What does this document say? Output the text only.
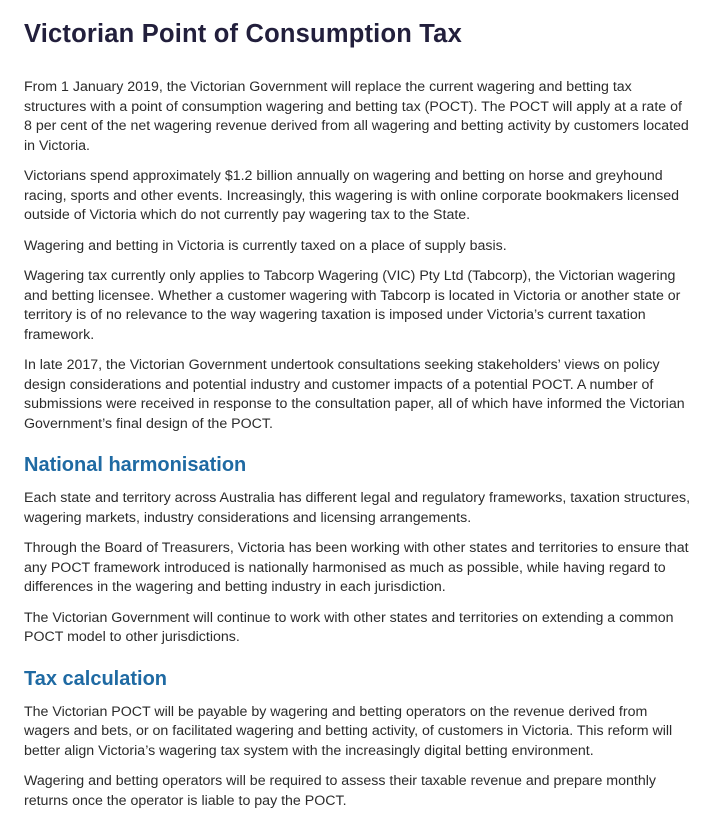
Victorian Point of Consumption Tax

From 1 January 2019, the Victorian Government will replace the current wagering and betting tax structures with a point of consumption wagering and betting tax (POCT). The POCT will apply at a rate of 8 per cent of the net wagering revenue derived from all wagering and betting activity by customers located in Victoria.

Victorians spend approximately $1.2 billion annually on wagering and betting on horse and greyhound racing, sports and other events. Increasingly, this wagering is with online corporate bookmakers licensed outside of Victoria which do not currently pay wagering tax to the State.

Wagering and betting in Victoria is currently taxed on a place of supply basis.

Wagering tax currently only applies to Tabcorp Wagering (VIC) Pty Ltd (Tabcorp), the Victorian wagering and betting licensee. Whether a customer wagering with Tabcorp is located in Victoria or another state or territory is of no relevance to the way wagering taxation is imposed under Victoria’s current taxation framework.

In late 2017, the Victorian Government undertook consultations seeking stakeholders’ views on policy design considerations and potential industry and customer impacts of a potential POCT. A number of submissions were received in response to the consultation paper, all of which have informed the Victorian Government’s final design of the POCT.

National harmonisation

Each state and territory across Australia has different legal and regulatory frameworks, taxation structures, wagering markets, industry considerations and licensing arrangements.

Through the Board of Treasurers, Victoria has been working with other states and territories to ensure that any POCT framework introduced is nationally harmonised as much as possible, while having regard to differences in the wagering and betting industry in each jurisdiction.

The Victorian Government will continue to work with other states and territories on extending a common POCT model to other jurisdictions.

Tax calculation

The Victorian POCT will be payable by wagering and betting operators on the revenue derived from wagers and bets, or on facilitated wagering and betting activity, of customers in Victoria. This reform will better align Victoria’s wagering tax system with the increasingly digital betting environment.

Wagering and betting operators will be required to assess their taxable revenue and prepare monthly returns once the operator is liable to pay the POCT.
